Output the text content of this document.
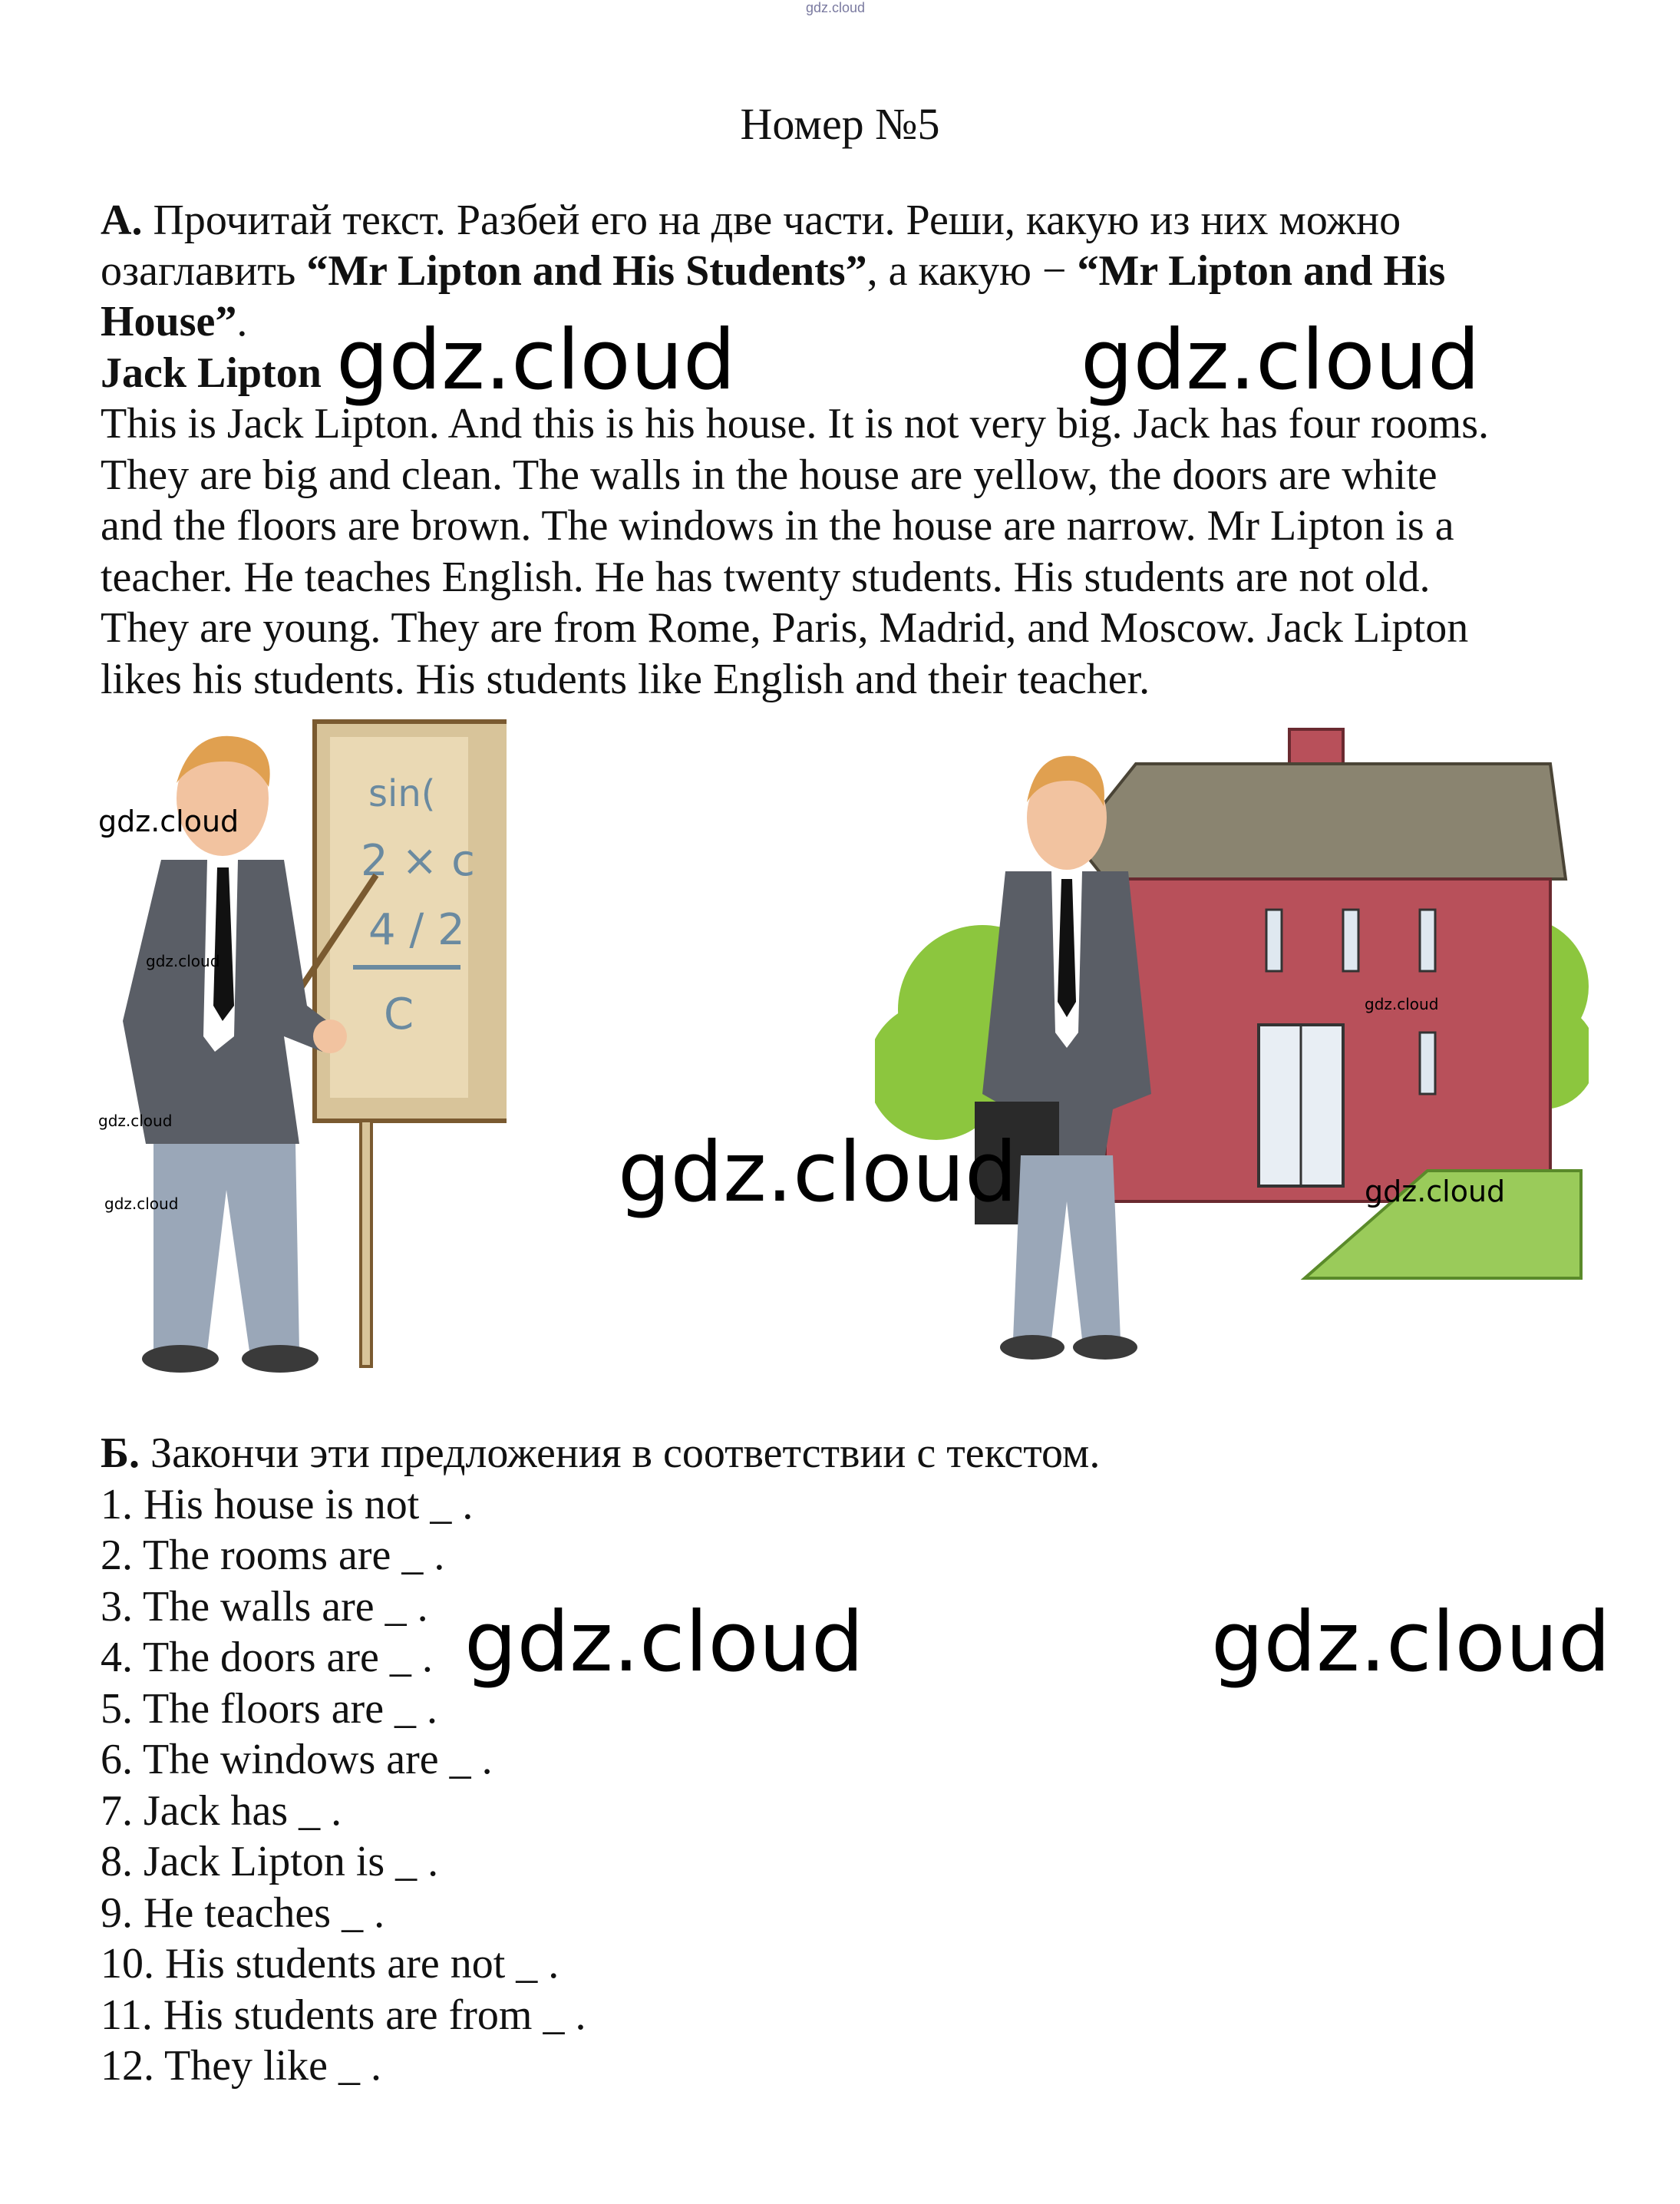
gdz.cloud
Номер №5
А. Прочитай текст. Разбей его на две части. Реши, какую из них можно
озаглавить “Mr Lipton and His Students”, а какую − “Mr Lipton and His
House”.
Jack Lipton
This is Jack Lipton. And this is his house. It is not very big. Jack has four rooms.
They are big and clean. The walls in the house are yellow, the doors are white
and the floors are brown. The windows in the house are narrow. Mr Lipton is a
teacher. He teaches English. He has twenty students. His students are not old.
They are young. They are from Rome, Paris, Madrid, and Moscow. Jack Lipton
likes his students. His students like English and their teacher.
sin(
2 × c
4 / 2
C
gdz.cloud	gdz.cloud
gdz.cloud
gdz.cloud
gdz.cloud
gdz.cloud
gdz.cloud
gdz.cloud	gdz.cloud
Б. Закончи эти предложения в соответствии с текстом.
1. His house is not _ .
2. The rooms are _ .
3. The walls are _ .
4. The doors are _ .
5. The floors are _ .
6. The windows are _ .
7. Jack has _ .
8. Jack Lipton is _ .
9. He teaches _ .
10. His students are not _ .
11. His students are from _ .
12. They like _ .
gdz.cloud	gdz.cloud
